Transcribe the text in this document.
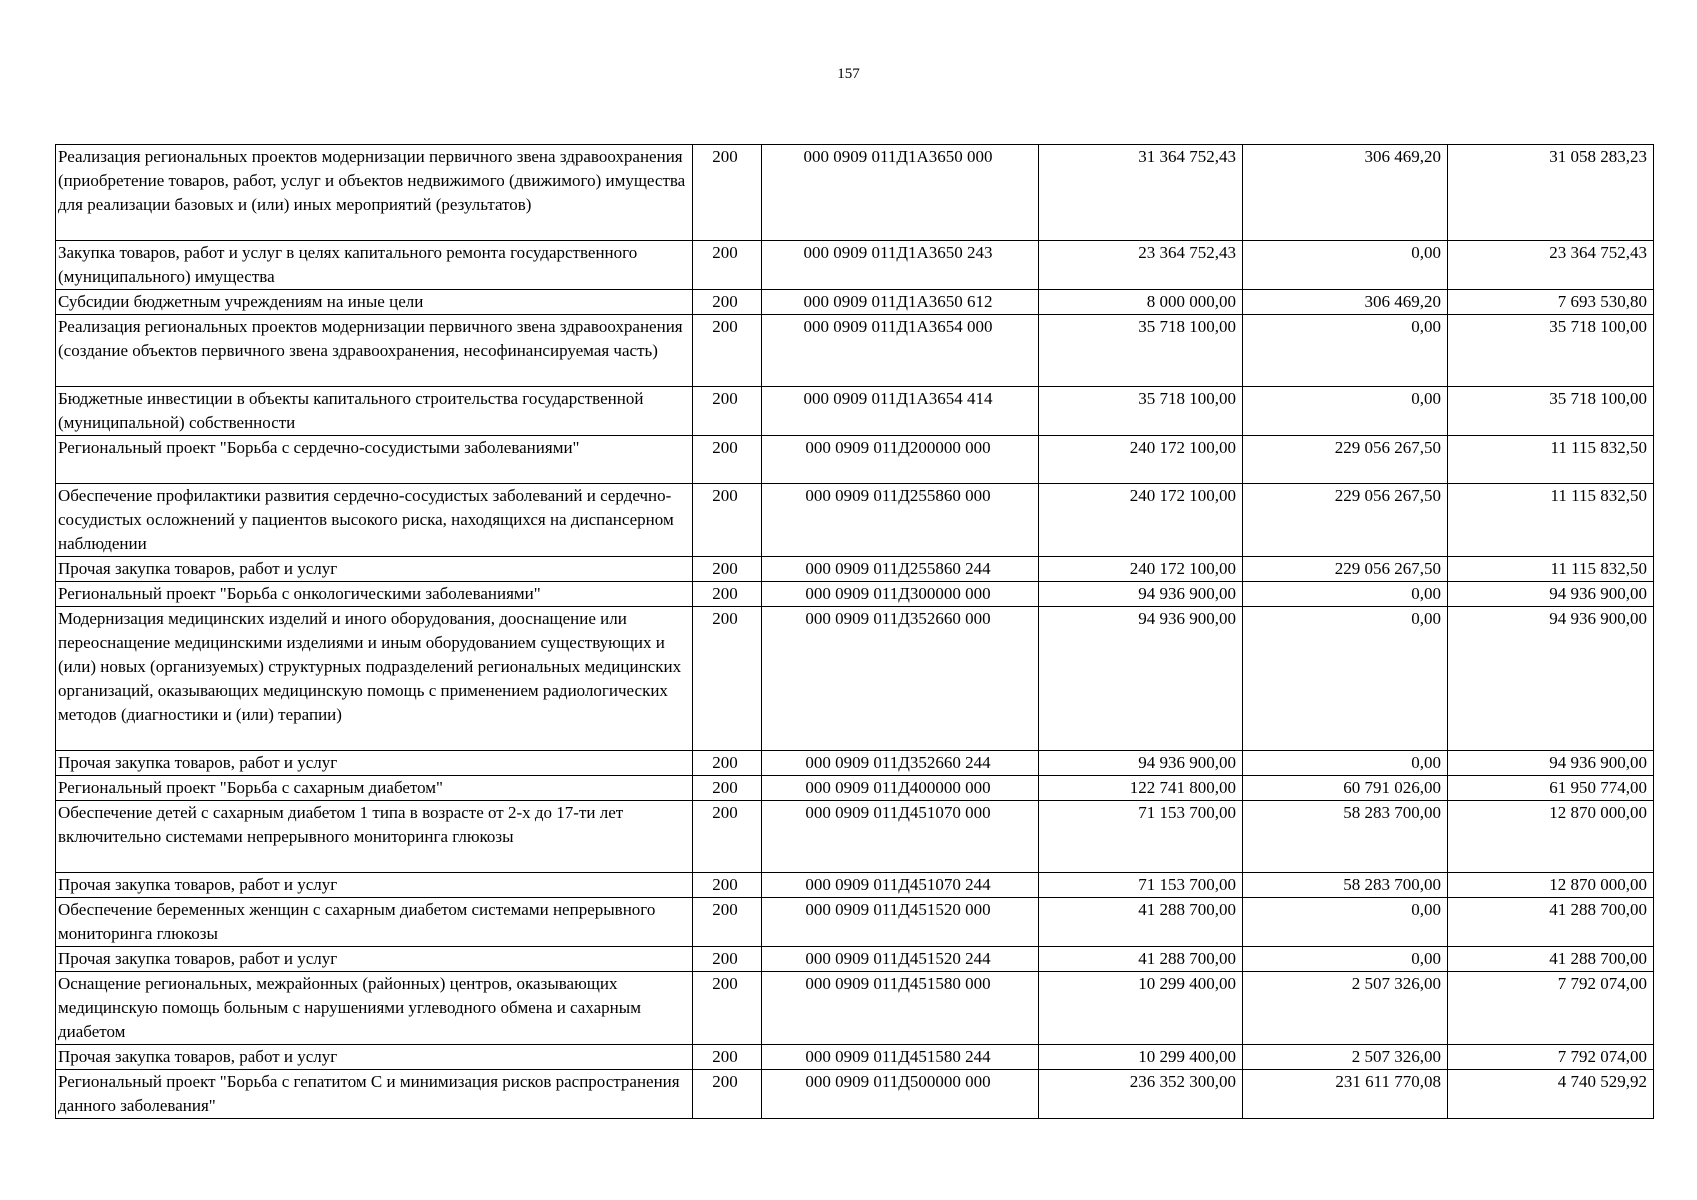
157
Реализация региональных проектов модернизации первичного звена здравоохранения (приобретение товаров, работ, услуг и объектов недвижимого (движимого) имущества для реализации базовых и (или) иных мероприятий (результатов)	200	000 0909 011Д1А3650 000	31 364 752,43	306 469,20	31 058 283,23
Закупка товаров, работ и услуг в целях капитального ремонта государственного (муниципального) имущества	200	000 0909 011Д1А3650 243	23 364 752,43	0,00	23 364 752,43
Субсидии бюджетным учреждениям на иные цели	200	000 0909 011Д1А3650 612	8 000 000,00	306 469,20	7 693 530,80
Реализация региональных проектов модернизации первичного звена здравоохранения (создание объектов первичного звена здравоохранения, несофинансируемая часть)	200	000 0909 011Д1А3654 000	35 718 100,00	0,00	35 718 100,00
Бюджетные инвестиции в объекты капитального строительства государственной (муниципальной) собственности	200	000 0909 011Д1А3654 414	35 718 100,00	0,00	35 718 100,00
Региональный проект "Борьба с сердечно-сосудистыми заболеваниями"	200	000 0909 011Д200000 000	240 172 100,00	229 056 267,50	11 115 832,50
Обеспечение профилактики развития сердечно-сосудистых заболеваний и сердечно-сосудистых осложнений у пациентов высокого риска, находящихся на диспансерном наблюдении	200	000 0909 011Д255860 000	240 172 100,00	229 056 267,50	11 115 832,50
Прочая закупка товаров, работ и услуг	200	000 0909 011Д255860 244	240 172 100,00	229 056 267,50	11 115 832,50
Региональный проект "Борьба с онкологическими заболеваниями"	200	000 0909 011Д300000 000	94 936 900,00	0,00	94 936 900,00
Модернизация медицинских изделий и иного оборудования, дооснащение или переоснащение медицинскими изделиями и иным оборудованием существующих и (или) новых (организуемых) структурных подразделений региональных медицинских организаций, оказывающих медицинскую помощь с применением радиологических методов (диагностики и (или) терапии)	200	000 0909 011Д352660 000	94 936 900,00	0,00	94 936 900,00
Прочая закупка товаров, работ и услуг	200	000 0909 011Д352660 244	94 936 900,00	0,00	94 936 900,00
Региональный проект "Борьба с сахарным диабетом"	200	000 0909 011Д400000 000	122 741 800,00	60 791 026,00	61 950 774,00
Обеспечение детей с сахарным диабетом 1 типа в возрасте от 2-х до 17-ти лет включительно системами непрерывного мониторинга глюкозы	200	000 0909 011Д451070 000	71 153 700,00	58 283 700,00	12 870 000,00
Прочая закупка товаров, работ и услуг	200	000 0909 011Д451070 244	71 153 700,00	58 283 700,00	12 870 000,00
Обеспечение беременных женщин с сахарным диабетом системами непрерывного мониторинга глюкозы	200	000 0909 011Д451520 000	41 288 700,00	0,00	41 288 700,00
Прочая закупка товаров, работ и услуг	200	000 0909 011Д451520 244	41 288 700,00	0,00	41 288 700,00
Оснащение региональных, межрайонных (районных) центров, оказывающих медицинскую помощь больным с нарушениями углеводного обмена и сахарным диабетом	200	000 0909 011Д451580 000	10 299 400,00	2 507 326,00	7 792 074,00
Прочая закупка товаров, работ и услуг	200	000 0909 011Д451580 244	10 299 400,00	2 507 326,00	7 792 074,00
Региональный проект "Борьба с гепатитом С и минимизация рисков распространения данного заболевания"	200	000 0909 011Д500000 000	236 352 300,00	231 611 770,08	4 740 529,92
